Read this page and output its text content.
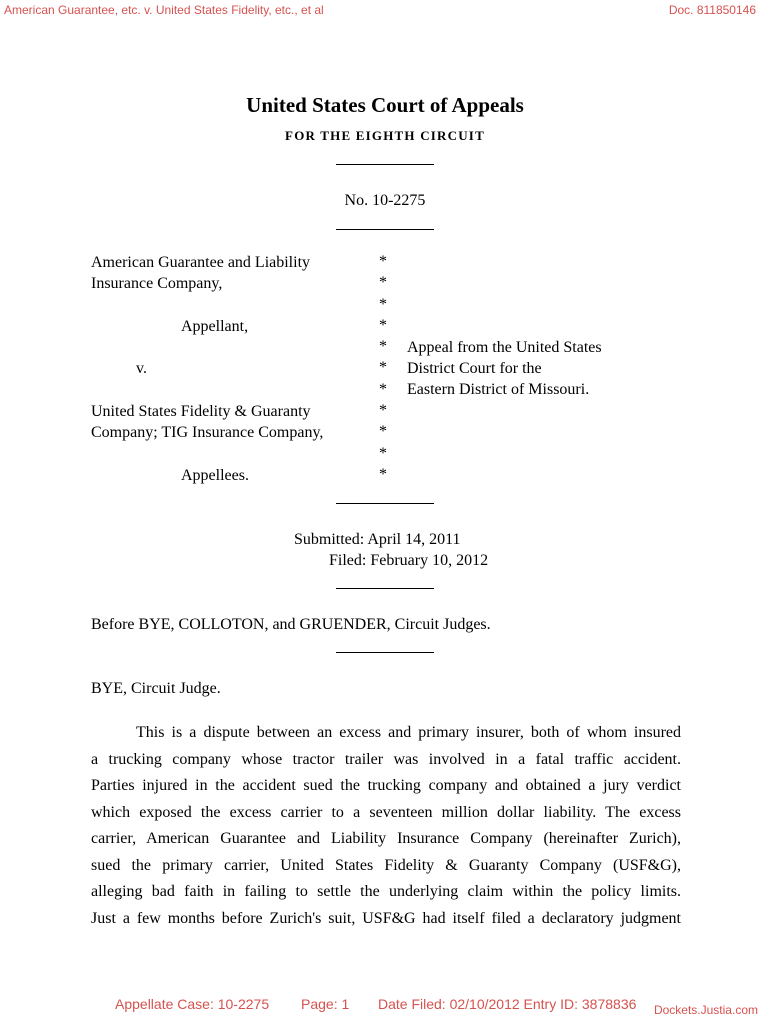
American Guarantee, etc. v. United States Fidelity, etc., et al	Doc. 811850146
United States Court of Appeals
FOR THE EIGHTH CIRCUIT
No. 10-2275
American Guarantee and Liability
Insurance Company,
Appellant,
v.
United States Fidelity & Guaranty
Company; TIG Insurance Company,
Appellees.
*
*
*
*
*
*
*
*
*
*
*
Appeal from the United States
District Court for the
Eastern District of Missouri.
Submitted: April 14, 2011
Filed: February 10, 2012
Before BYE, COLLOTON, and GRUENDER, Circuit Judges.
BYE, Circuit Judge.
This is a dispute between an excess and primary insurer, both of whom insured
a trucking company whose tractor trailer was involved in a fatal traffic accident.
Parties injured in the accident sued the trucking company and obtained a jury verdict
which exposed the excess carrier to a seventeen million dollar liability. The excess
carrier, American Guarantee and Liability Insurance Company (hereinafter Zurich),
sued the primary carrier, United States Fidelity & Guaranty Company (USF&G),
alleging bad faith in failing to settle the underlying claim within the policy limits.
Just a few months before Zurich's suit, USF&G had itself filed a declaratory judgment
Appellate Case: 10-2275 Page: 1 Date Filed: 02/10/2012 Entry ID: 3878836 Dockets.Justia.com
